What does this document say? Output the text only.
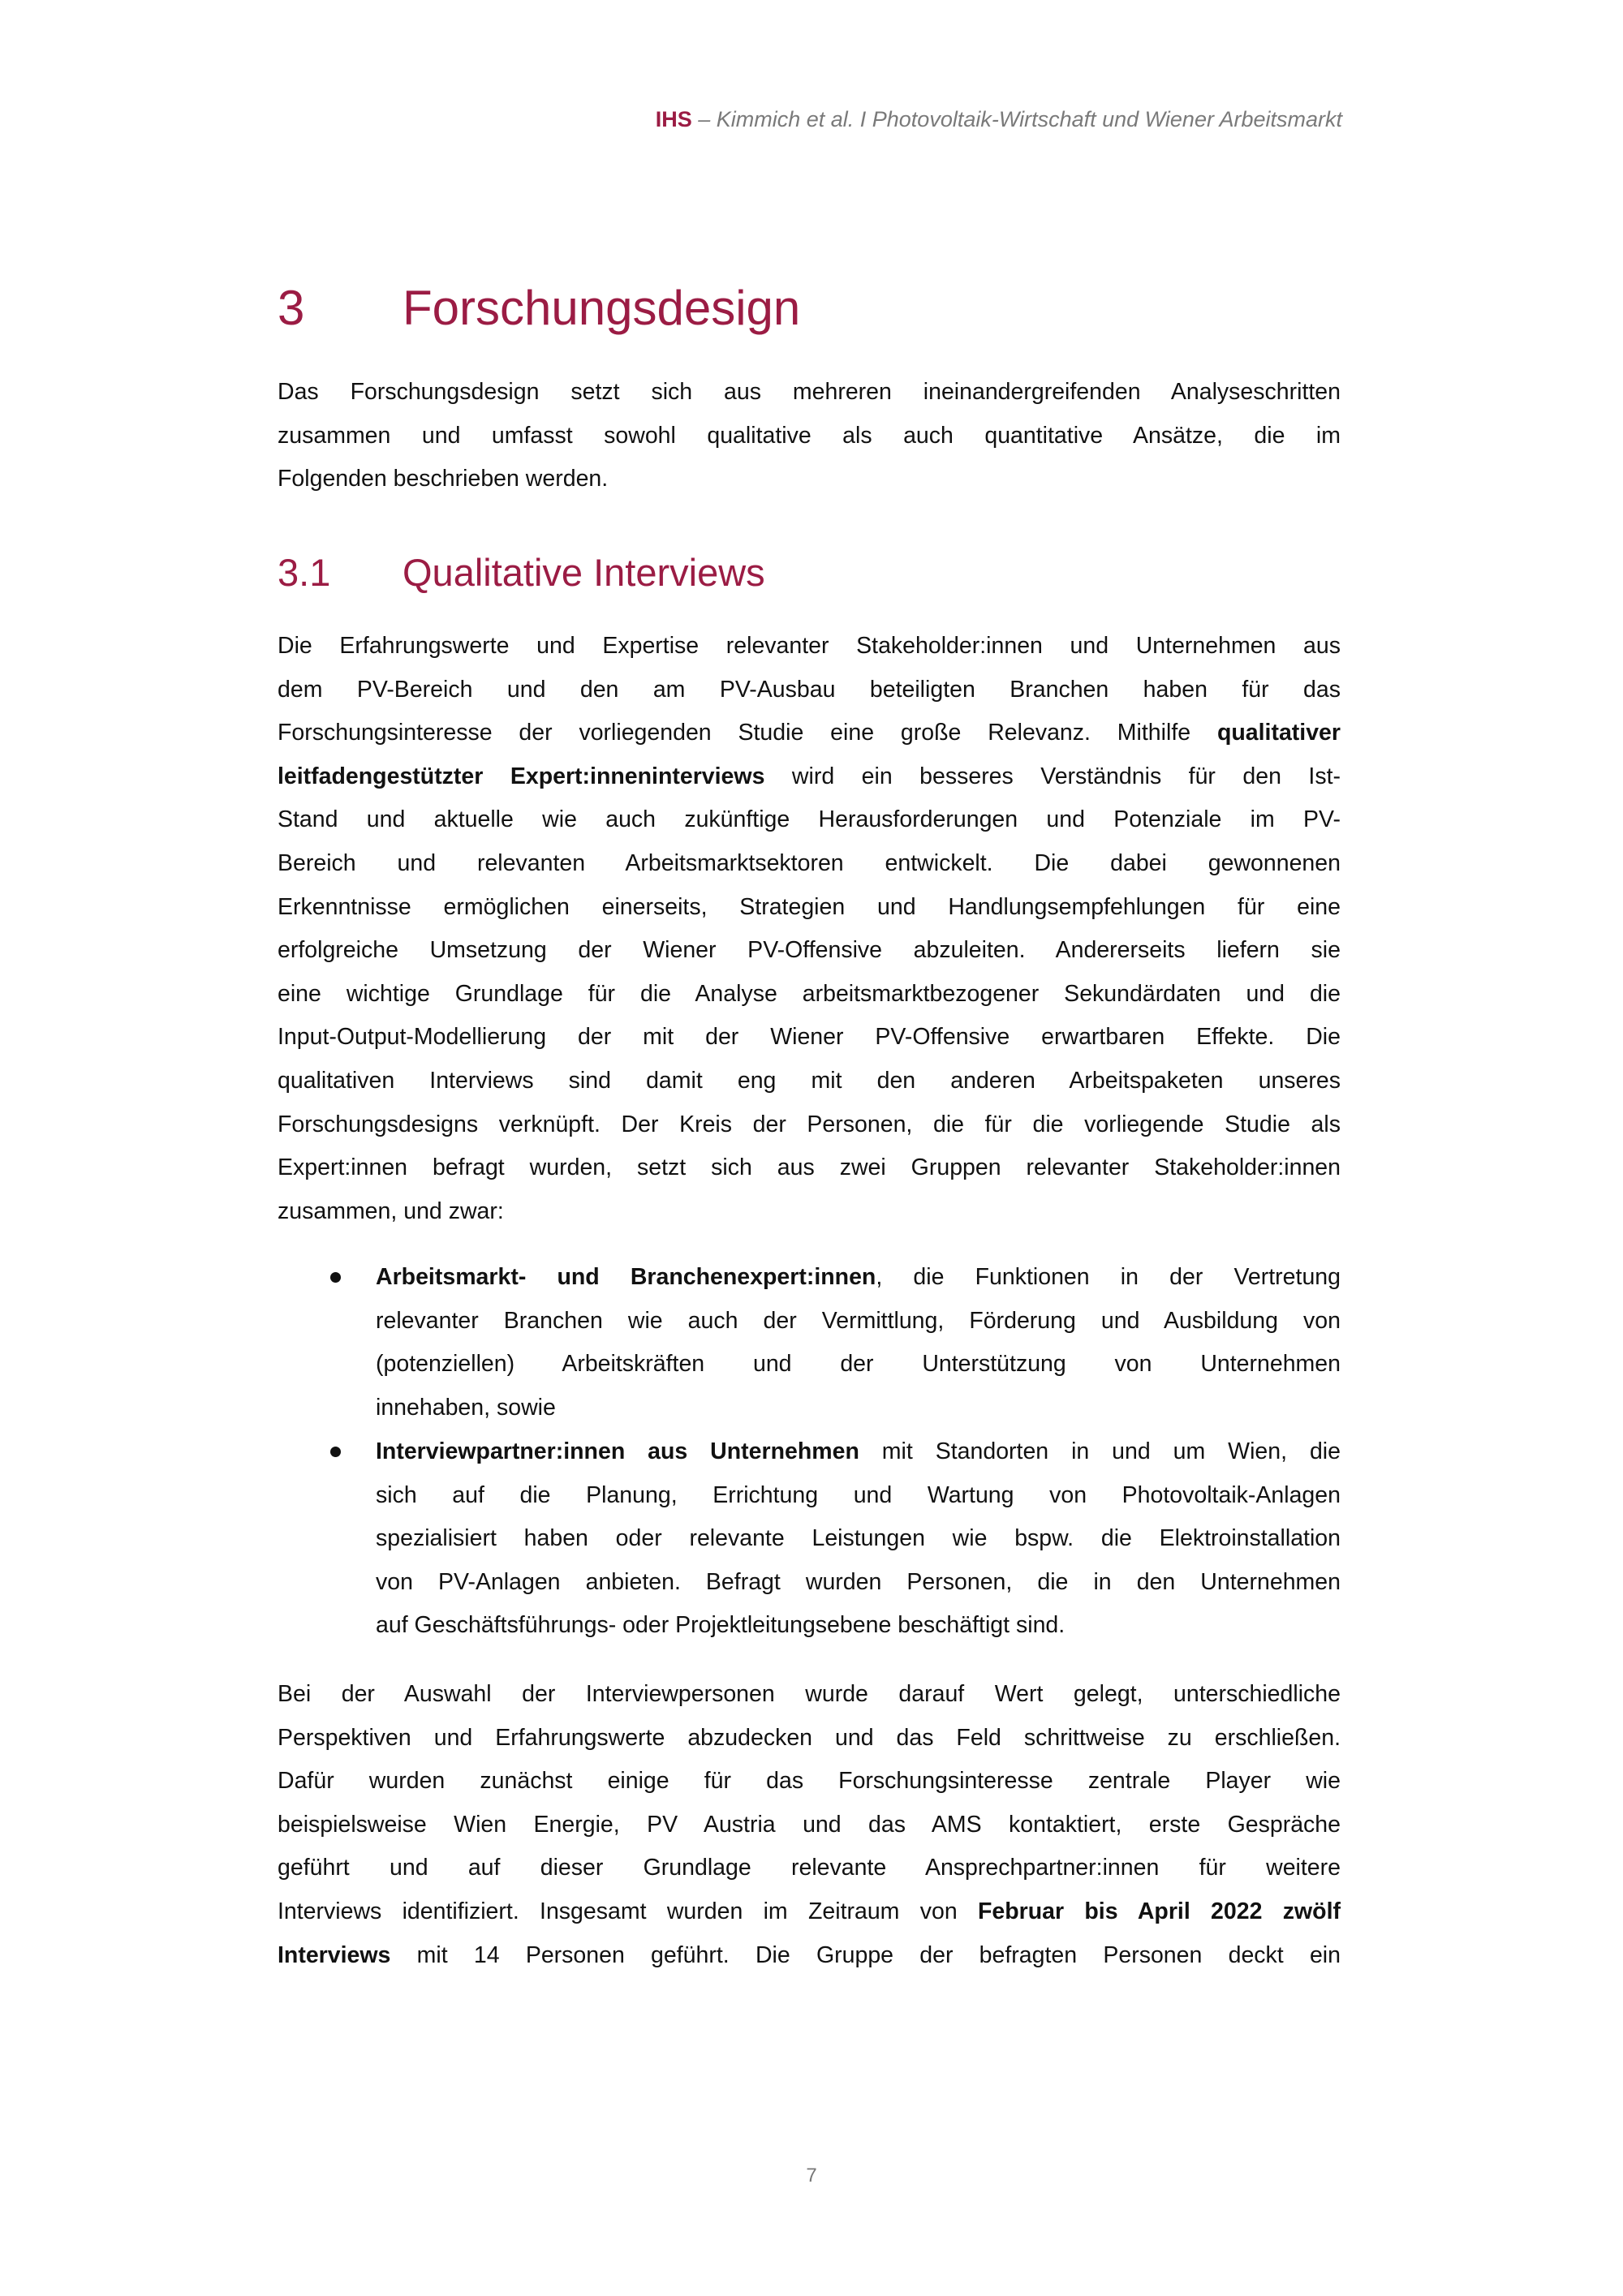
IHS – Kimmich et al. I Photovoltaik-Wirtschaft und Wiener Arbeitsmarkt
3 Forschungsdesign
Das Forschungsdesign setzt sich aus mehreren ineinandergreifenden Analyseschritten
zusammen und umfasst sowohl qualitative als auch quantitative Ansätze, die im
Folgenden beschrieben werden.
3.1 Qualitative Interviews
Die Erfahrungswerte und Expertise relevanter Stakeholder:innen und Unternehmen aus
dem PV-Bereich und den am PV-Ausbau beteiligten Branchen haben für das
Forschungsinteresse der vorliegenden Studie eine große Relevanz. Mithilfe qualitativer
leitfadengestützter Expert:inneninterviews wird ein besseres Verständnis für den Ist-
Stand und aktuelle wie auch zukünftige Herausforderungen und Potenziale im PV-
Bereich und relevanten Arbeitsmarktsektoren entwickelt. Die dabei gewonnenen
Erkenntnisse ermöglichen einerseits, Strategien und Handlungsempfehlungen für eine
erfolgreiche Umsetzung der Wiener PV-Offensive abzuleiten. Andererseits liefern sie
eine wichtige Grundlage für die Analyse arbeitsmarktbezogener Sekundärdaten und die
Input-Output-Modellierung der mit der Wiener PV-Offensive erwartbaren Effekte. Die
qualitativen Interviews sind damit eng mit den anderen Arbeitspaketen unseres
Forschungsdesigns verknüpft. Der Kreis der Personen, die für die vorliegende Studie als
Expert:innen befragt wurden, setzt sich aus zwei Gruppen relevanter Stakeholder:innen
zusammen, und zwar:
Arbeitsmarkt- und Branchenexpert:innen, die Funktionen in der Vertretung
relevanter Branchen wie auch der Vermittlung, Förderung und Ausbildung von
(potenziellen) Arbeitskräften und der Unterstützung von Unternehmen
innehaben, sowie
Interviewpartner:innen aus Unternehmen mit Standorten in und um Wien, die
sich auf die Planung, Errichtung und Wartung von Photovoltaik-Anlagen
spezialisiert haben oder relevante Leistungen wie bspw. die Elektroinstallation
von PV-Anlagen anbieten. Befragt wurden Personen, die in den Unternehmen
auf Geschäftsführungs- oder Projektleitungsebene beschäftigt sind.
Bei der Auswahl der Interviewpersonen wurde darauf Wert gelegt, unterschiedliche
Perspektiven und Erfahrungswerte abzudecken und das Feld schrittweise zu erschließen.
Dafür wurden zunächst einige für das Forschungsinteresse zentrale Player wie
beispielsweise Wien Energie, PV Austria und das AMS kontaktiert, erste Gespräche
geführt und auf dieser Grundlage relevante Ansprechpartner:innen für weitere
Interviews identifiziert. Insgesamt wurden im Zeitraum von Februar bis April 2022 zwölf
Interviews mit 14 Personen geführt. Die Gruppe der befragten Personen deckt ein
7
